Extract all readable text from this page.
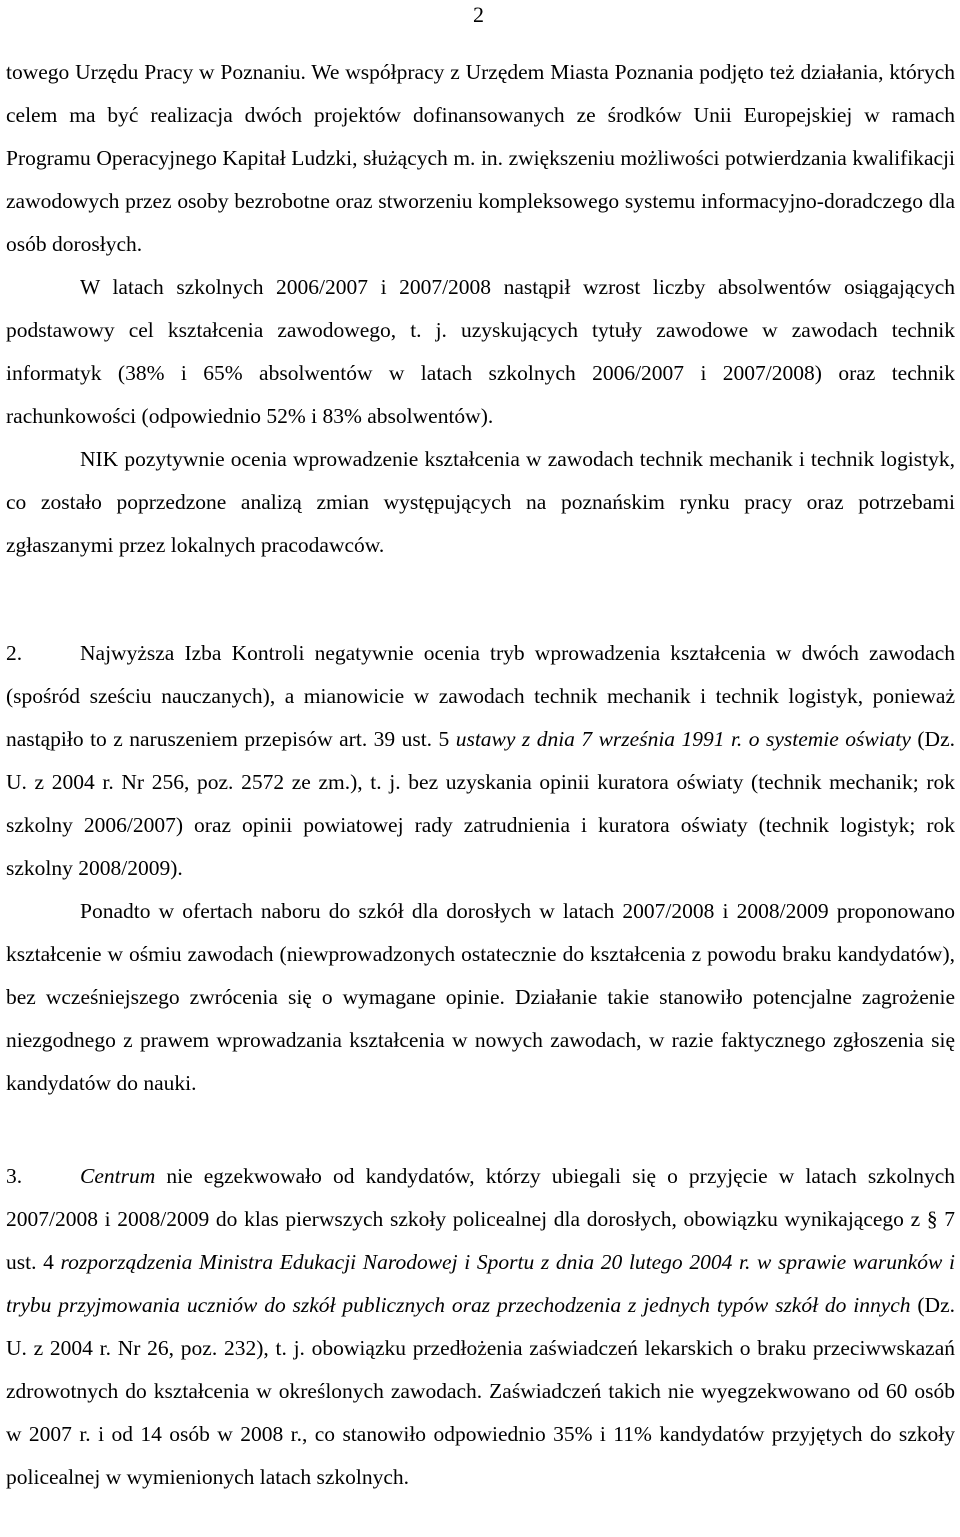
2

towego Urzędu Pracy w Poznaniu. We współpracy z Urzędem Miasta Poznania podjęto też działania, których celem ma być realizacja dwóch projektów dofinansowanych ze środków Unii Europejskiej w ramach Programu Operacyjnego Kapitał Ludzki, służących m. in. zwiększeniu możliwości potwierdzania kwalifikacji zawodowych przez osoby bezrobotne oraz stworzeniu kompleksowego systemu informacyjno-doradczego dla osób dorosłych.

W latach szkolnych 2006/2007 i 2007/2008 nastąpił wzrost liczby absolwentów osiągających podstawowy cel kształcenia zawodowego, t. j. uzyskujących tytuły zawodowe w zawodach technik informatyk (38% i 65% absolwentów w latach szkolnych 2006/2007 i 2007/2008) oraz technik rachunkowości (odpowiednio 52% i 83% absolwentów).

NIK pozytywnie ocenia wprowadzenie kształcenia w zawodach technik mechanik i technik logistyk, co zostało poprzedzone analizą zmian występujących na poznańskim rynku pracy oraz potrzebami zgłaszanymi przez lokalnych pracodawców.

2.	Najwyższa Izba Kontroli negatywnie ocenia tryb wprowadzenia kształcenia w dwóch zawodach (spośród sześciu nauczanych), a mianowicie w zawodach technik mechanik i technik logistyk, ponieważ nastąpiło to z naruszeniem przepisów art. 39 ust. 5 ustawy z dnia 7 września 1991 r. o systemie oświaty (Dz. U. z 2004 r. Nr 256, poz. 2572 ze zm.), t. j. bez uzyskania opinii kuratora oświaty (technik mechanik; rok szkolny 2006/2007) oraz opinii powiatowej rady zatrudnienia i kuratora oświaty (technik logistyk; rok szkolny 2008/2009).

Ponadto w ofertach naboru do szkół dla dorosłych w latach 2007/2008 i 2008/2009 proponowano kształcenie w ośmiu zawodach (niewprowadzonych ostatecznie do kształcenia z powodu braku kandydatów), bez wcześniejszego zwrócenia się o wymagane opinie. Działanie takie stanowiło potencjalne zagrożenie niezgodnego z prawem wprowadzania kształcenia w nowych zawodach, w razie faktycznego zgłoszenia się kandydatów do nauki.

3.	Centrum nie egzekwowało od kandydatów, którzy ubiegali się o przyjęcie w latach szkolnych 2007/2008 i 2008/2009 do klas pierwszych szkoły policealnej dla dorosłych, obowiązku wynikającego z § 7 ust. 4 rozporządzenia Ministra Edukacji Narodowej i Sportu z dnia 20 lutego 2004 r. w sprawie warunków i trybu przyjmowania uczniów do szkół publicznych oraz przechodzenia z jednych typów szkół do innych (Dz. U. z 2004 r. Nr 26, poz. 232), t. j. obowiązku przedłożenia zaświadczeń lekarskich o braku przeciwwskazań zdrowotnych do kształcenia w określonych zawodach. Zaświadczeń takich nie wyegzekwowano od 60 osób w 2007 r. i od 14 osób w 2008 r., co stanowiło odpowiednio 35% i 11% kandydatów przyjętych do szkoły policealnej w wymienionych latach szkolnych.
